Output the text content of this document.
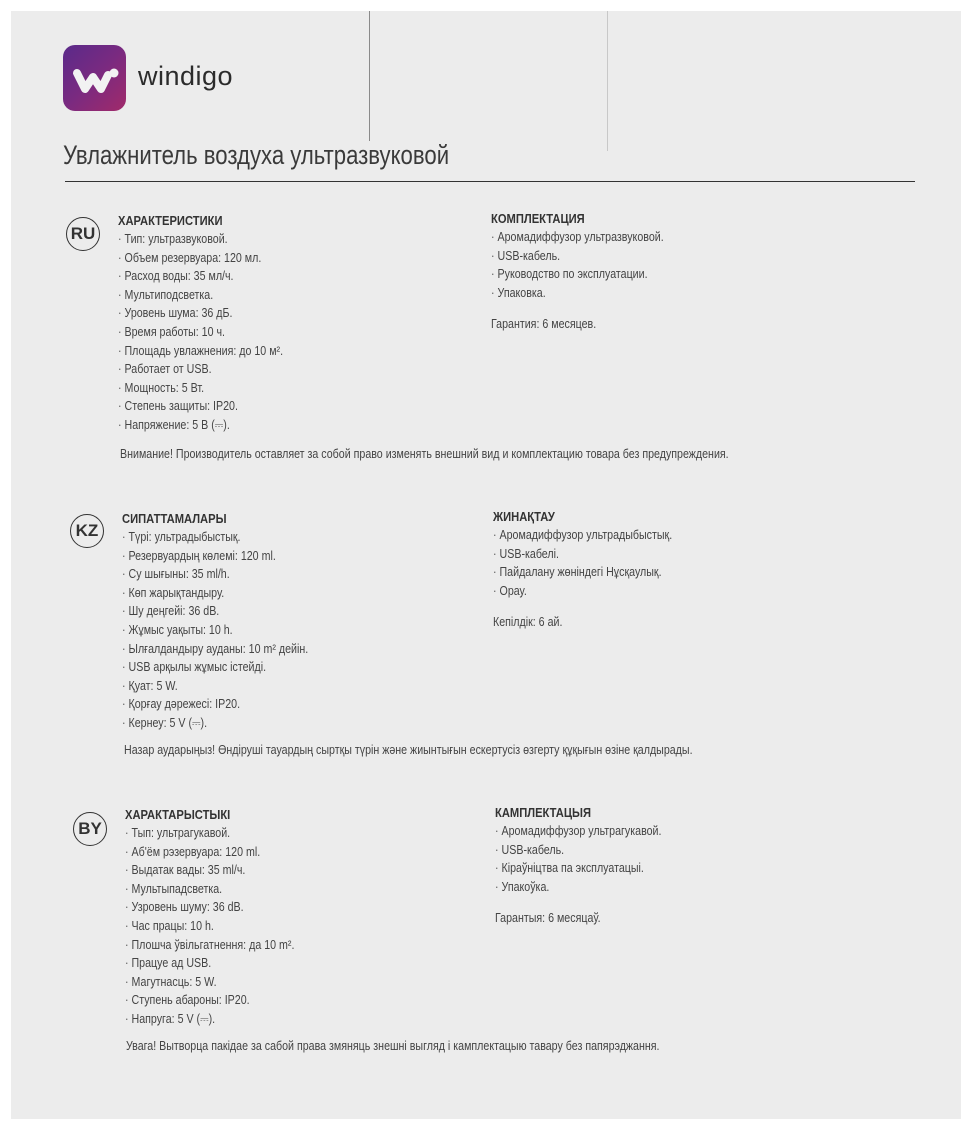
windigo
Увлажнитель воздуха ультразвуковой
RU
ХАРАКТЕРИСТИКИ
· Тип: ультразвуковой.
· Объем резервуара: 120 мл.
· Расход воды: 35 мл/ч.
· Мультиподсветка.
· Уровень шума: 36 дБ.
· Время работы: 10 ч.
· Площадь увлажнения: до 10 м².
· Работает от USB.
· Мощность: 5 Вт.
· Степень защиты: IP20.
· Напряжение: 5 В (⎓).
КОМПЛЕКТАЦИЯ
· Аромадиффузор ультразвуковой.
· USB-кабель.
· Руководство по эксплуатации.
· Упаковка.
Гарантия: 6 месяцев.
Внимание! Производитель оставляет за собой право изменять внешний вид и комплектацию товара без предупреждения.
KZ
СИПАТТАМАЛАРЫ
· Түрі: ультрадыбыстық.
· Резервуардың көлемі: 120 ml.
· Су шығыны: 35 ml/h.
· Көп жарықтандыру.
· Шу деңгейі: 36 dB.
· Жұмыс уақыты: 10 h.
· Ылғалдандыру ауданы: 10 m² дейін.
· USB арқылы жұмыс істейді.
· Қуат: 5 W.
· Қорғау дәрежесі: IP20.
· Кернеу: 5 V (⎓).
ЖИНАҚТАУ
· Аромадиффузор ультрадыбыстық.
· USB-кабелі.
· Пайдалану жөніндегі Нұсқаулық.
· Орау.
Кепілдік: 6 ай.
Назар аударыңыз! Өндіруші тауардың сыртқы түрін және жиынтығын ескертусіз өзгерту құқығын өзіне қалдырады.
BY
ХАРАКТАРЫСТЫКІ
· Тып: ультрагукавой.
· Аб'ём рэзервуара: 120 ml.
· Выдатак вады: 35 ml/ч.
· Мультыпадсветка.
· Узровень шуму: 36 dB.
· Час працы: 10 h.
· Плошча ўвільгатнення: да 10 m².
· Працуе ад USB.
· Магутнасць: 5 W.
· Ступень абароны: IP20.
· Напруга: 5 V (⎓).
КАМПЛЕКТАЦЫЯ
· Аромадиффузор ультрагукавой.
· USB-кабель.
· Кіраўніцтва па эксплуатацыі.
· Упакоўка.
Гарантыя: 6 месяцаў.
Увага! Вытворца пакідае за сабой права змяняць знешні выгляд і камплектацыю тавару без папярэджання.
